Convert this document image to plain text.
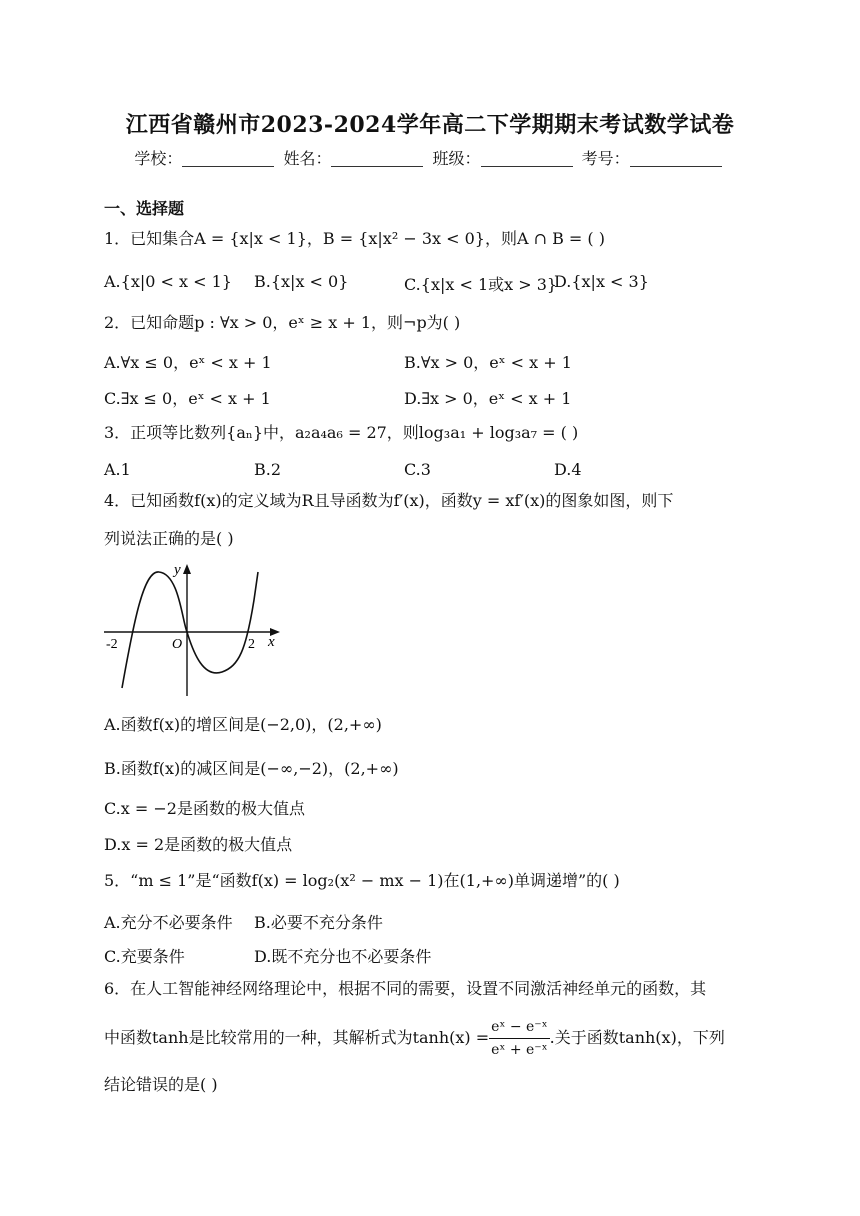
江西省赣州市2023-2024学年高二下学期期末考试数学试卷
学校：	姓名：	班级：	考号：
一、选择题
1．已知集合A = {x|x < 1}，B = {x|x² − 3x < 0}，则A ∩ B = ( )
A.{x|0 < x < 1} B.{x|x < 0}	C.{x|x < 1或x > 3}
D.{x|x < 3}
2．已知命题p : ∀x > 0，eˣ ≥ x + 1，则¬p为( )
A.∀x ≤ 0，eˣ < x + 1	B.∀x > 0，eˣ < x + 1
C.∃x ≤ 0，eˣ < x + 1	D.∃x > 0，eˣ < x + 1
3．正项等比数列{aₙ}中，a₂a₄a₆ = 27，则log₃a₁ + log₃a₇ = ( )
A.1	B.2	C.3	D.4
4．已知函数f(x)的定义域为R且导函数为f′(x)，函数y = xf′(x)的图象如图，则下
列说法正确的是( )
y
x
O
-2	2
A.函数f(x)的增区间是(−2,0)，(2,+∞)
B.函数f(x)的减区间是(−∞,−2)，(2,+∞)
C.x = −2是函数的极大值点
D.x = 2是函数的极大值点
5．“m ≤ 1”是“函数f(x) = log₂(x² − mx − 1)在(1,+∞)单调递增”的( )
A.充分不必要条件 B.必要不充分条件
C.充要条件	D.既不充分也不必要条件
6．在人工智能神经网络理论中，根据不同的需要，设置不同激活神经单元的函数，其
中函数tanh是比较常用的一种，其解析式为$\tanh(x) = \frac{\text{eˣ − e⁻ˣ}}{\text{eˣ + e⁻ˣ}}$ .关于函数tanh(x)，下列
结论错误的是( )
